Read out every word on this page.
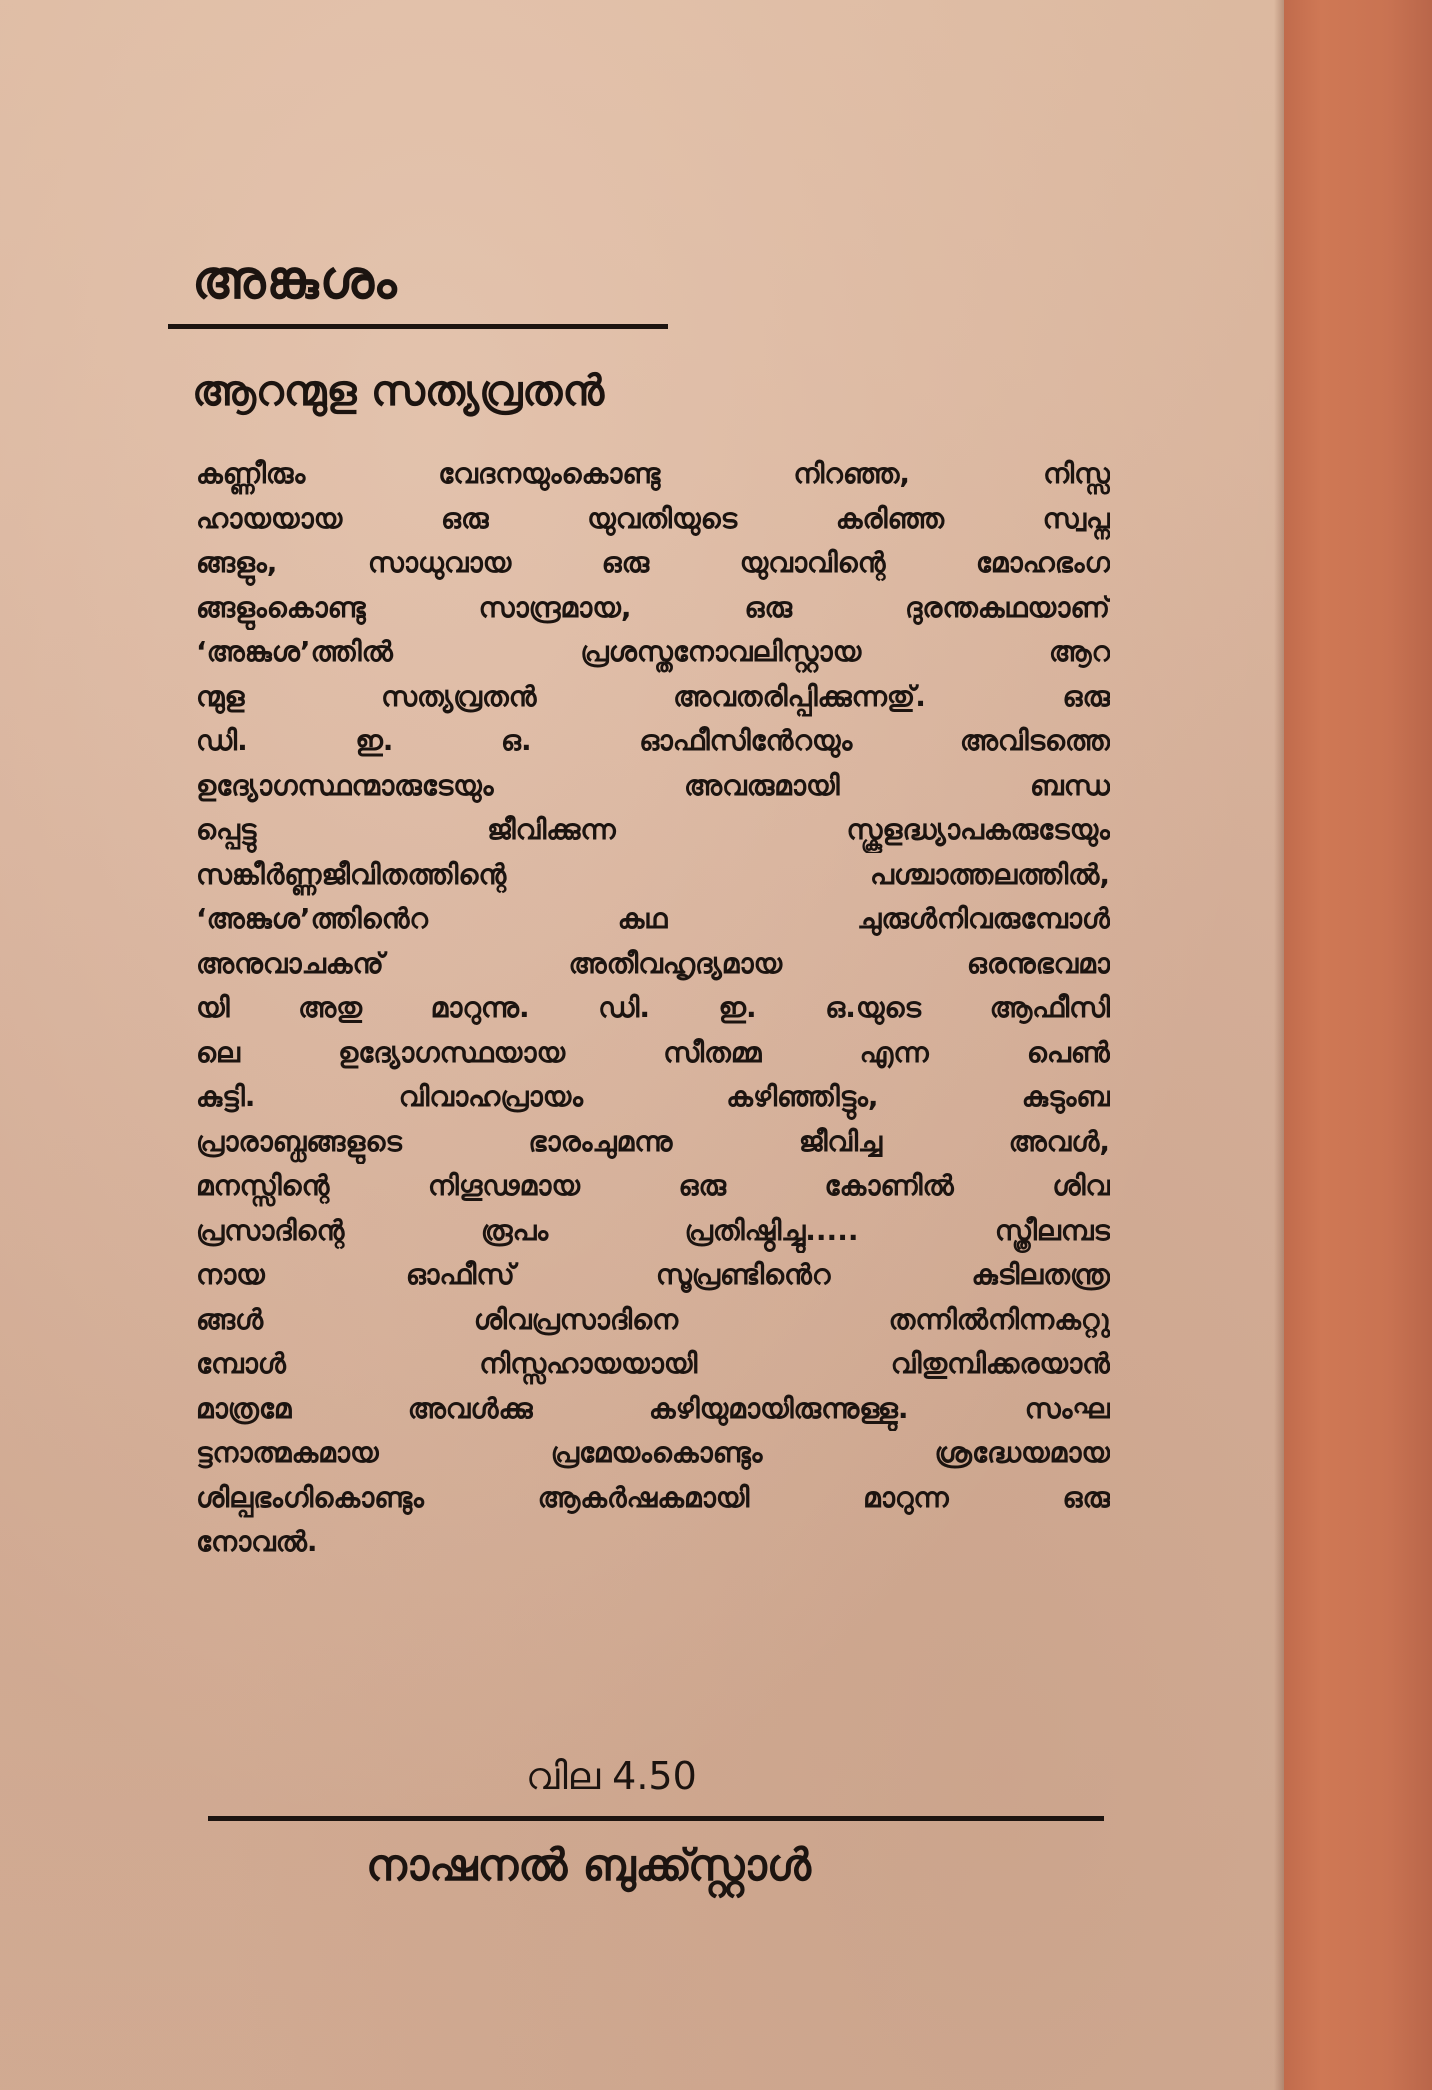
അങ്കുശം
ആറന്മുള സത്യവ്രതൻ
കണ്ണീരും വേദനയുംകൊണ്ടു നിറഞ്ഞ, നിസ്സ
ഹായയായ ഒരു യുവതിയുടെ കരിഞ്ഞ സ്വപ്ന
ങ്ങളും, സാധുവായ ഒരു യുവാവിന്റെ മോഹഭംഗ
ങ്ങളുംകൊണ്ടു സാന്ദ്രമായ, ഒരു ദുരന്തകഥയാണ്
‘അങ്കുശ’ത്തിൽ പ്രശസ്തനോവലിസ്റ്റായ ആറ
ന്മുള സത്യവ്രതൻ അവതരിപ്പിക്കുന്നതു്. ഒരു
ഡി. ഇ. ഒ. ഓഫീസിൻേറയും അവിടത്തെ
ഉദ്യോഗസ്ഥന്മാരുടേയും അവരുമായി ബന്ധ
പ്പെട്ടു ജീവിക്കുന്ന സ്കൂളദ്ധ്യാപകരുടേയും
സങ്കീർണ്ണജീവിതത്തിന്റെ പശ്ചാത്തലത്തിൽ,
‘അങ്കുശ’ത്തിൻെറ കഥ ചുരുൾനിവരുമ്പോൾ
അനുവാചകനു് അതീവഹൃദ്യമായ ഒരനുഭവമാ
യി അതു മാറുന്നു. ഡി. ഇ. ഒ.യുടെ ആഫീസി
ലെ ഉദ്യോഗസ്ഥയായ സീതമ്മ എന്ന പെൺ
കുട്ടി. വിവാഹപ്രായം കഴിഞ്ഞിട്ടും, കുടുംബ
പ്രാരാബ്ധങ്ങളുടെ ഭാരംചുമന്നു ജീവിച്ച അവൾ,
മനസ്സിന്റെ നിഗൂഢമായ ഒരു കോണിൽ ശിവ
പ്രസാദിന്റെ രൂപം പ്രതിഷ്ഠിച്ചു..... സ്ത്രീലമ്പട
നായ ഓഫീസ് സൂപ്രണ്ടിൻെറ കുടിലതന്ത്ര
ങ്ങൾ ശിവപ്രസാദിനെ തന്നിൽനിന്നകറ്റു
മ്പോൾ നിസ്സഹായയായി വിതുമ്പിക്കരയാൻ
മാത്രമേ അവൾക്കു കഴിയുമായിരുന്നുള്ളു. സംഘ
ട്ടനാത്മകമായ പ്രമേയംകൊണ്ടും ശ്രദ്ധേയമായ
ശില്പഭംഗികൊണ്ടും ആകർഷകമായി മാറുന്ന ഒരു
നോവൽ.
വില 4.50
നാഷനൽ ബുക്ക്സ്റ്റാൾ
